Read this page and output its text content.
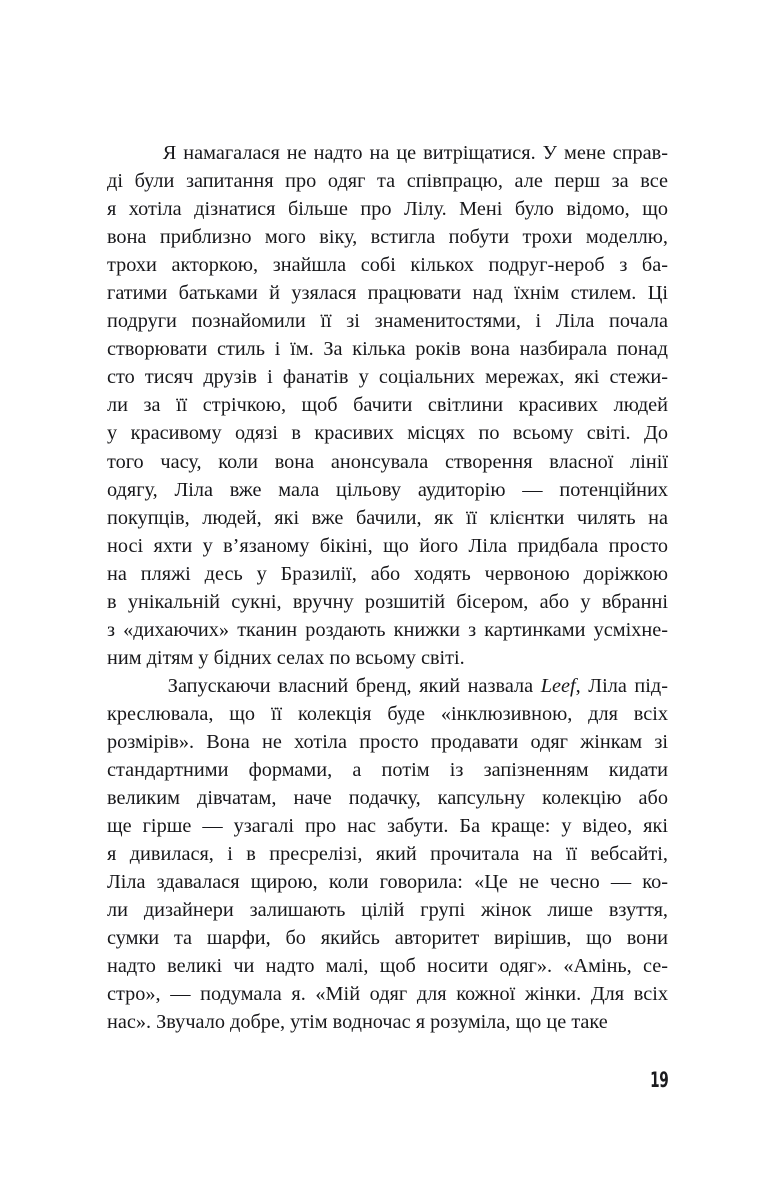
Я намагалася не надто на це витріщатися. У мене справ-
ді були запитання про одяг та співпрацю, але перш за все
я хотіла дізнатися більше про Лілу. Мені було відомо, що
вона приблизно мого віку, встигла побути трохи моделлю,
трохи акторкою, знайшла собі кількох подруг-нероб з ба-
гатими батьками й узялася працювати над їхнім стилем. Ці
подруги познайомили її зі знаменитостями, і Ліла почала
створювати стиль і їм. За кілька років вона назбирала понад
сто тисяч друзів і фанатів у соціальних мережах, які стежи-
ли за її стрічкою, щоб бачити світлини красивих людей
у красивому одязі в красивих місцях по всьому світі. До
того часу, коли вона анонсувала створення власної лінії
одягу, Ліла вже мала цільову аудиторію — потенційних
покупців, людей, які вже бачили, як її клієнтки чилять на
носі яхти у в’язаному бікіні, що його Ліла придбала просто
на пляжі десь у Бразилії, або ходять червоною доріжкою
в унікальній сукні, вручну розшитій бісером, або у вбранні
з «дихаючих» тканин роздають книжки з картинками усміхне-
ним дітям у бідних селах по всьому світі.

Запускаючи власний бренд, який назвала Leef, Ліла під-
креслювала, що її колекція буде «інклюзивною, для всіх
розмірів». Вона не хотіла просто продавати одяг жінкам зі
стандартними формами, а потім із запізненням кидати
великим дівчатам, наче подачку, капсульну колекцію або
ще гірше — узагалі про нас забути. Ба краще: у відео, які
я дивилася, і в пресрелізі, який прочитала на її вебсайті,
Ліла здавалася щирою, коли говорила: «Це не чесно — ко-
ли дизайнери залишають цілій групі жінок лише взуття,
сумки та шарфи, бо якийсь авторитет вирішив, що вони
надто великі чи надто малі, щоб носити одяг». «Амінь, се-
стро», — подумала я. «Мій одяг для кожної жінки. Для всіх
нас». Звучало добре, утім водночас я розуміла, що це таке

19
